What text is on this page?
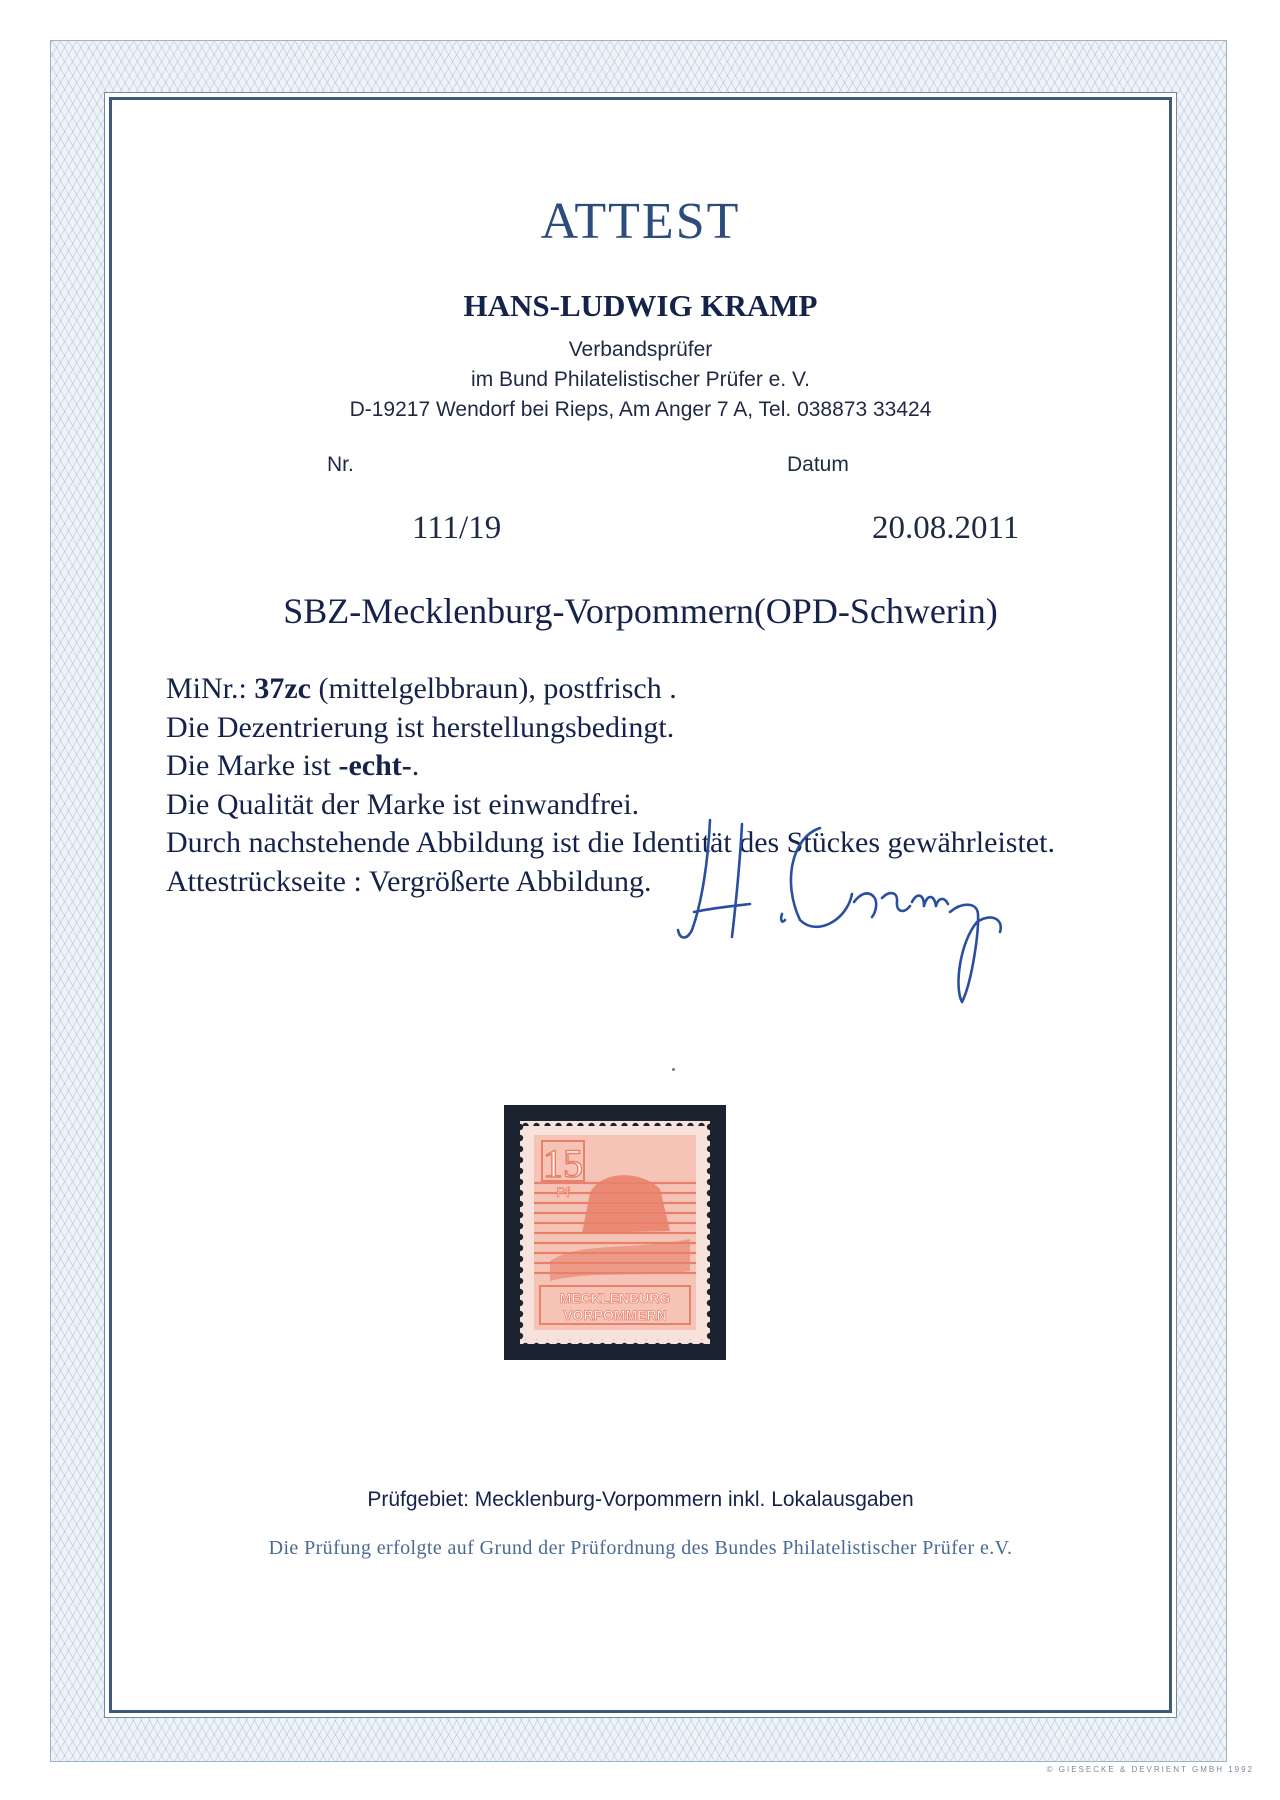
ATTEST
HANS-LUDWIG KRAMP
Verbandsprüfer
im Bund Philatelistischer Prüfer e. V.
D-19217 Wendorf bei Rieps, Am Anger 7 A, Tel. 038873 33424
Nr.	Datum
111/19	20.08.2011
SBZ-Mecklenburg-Vorpommern(OPD-Schwerin)
MiNr.: 37zc (mittelgelbbraun), postfrisch .
Die Dezentrierung ist herstellungsbedingt.
Die Marke ist -echt-.
Die Qualität der Marke ist einwandfrei.
Durch nachstehende Abbildung ist die Identität des Stückes gewährleistet.
Attestrückseite : Vergrößerte Abbildung.
15
Pf
MECKLENBURG
VORPOMMERN
Prüfgebiet: Mecklenburg-Vorpommern inkl. Lokalausgaben
Die Prüfung erfolgte auf Grund der Prüfordnung des Bundes Philatelistischer Prüfer e.V.
© GIESECKE & DEVRIENT GMBH 1992
